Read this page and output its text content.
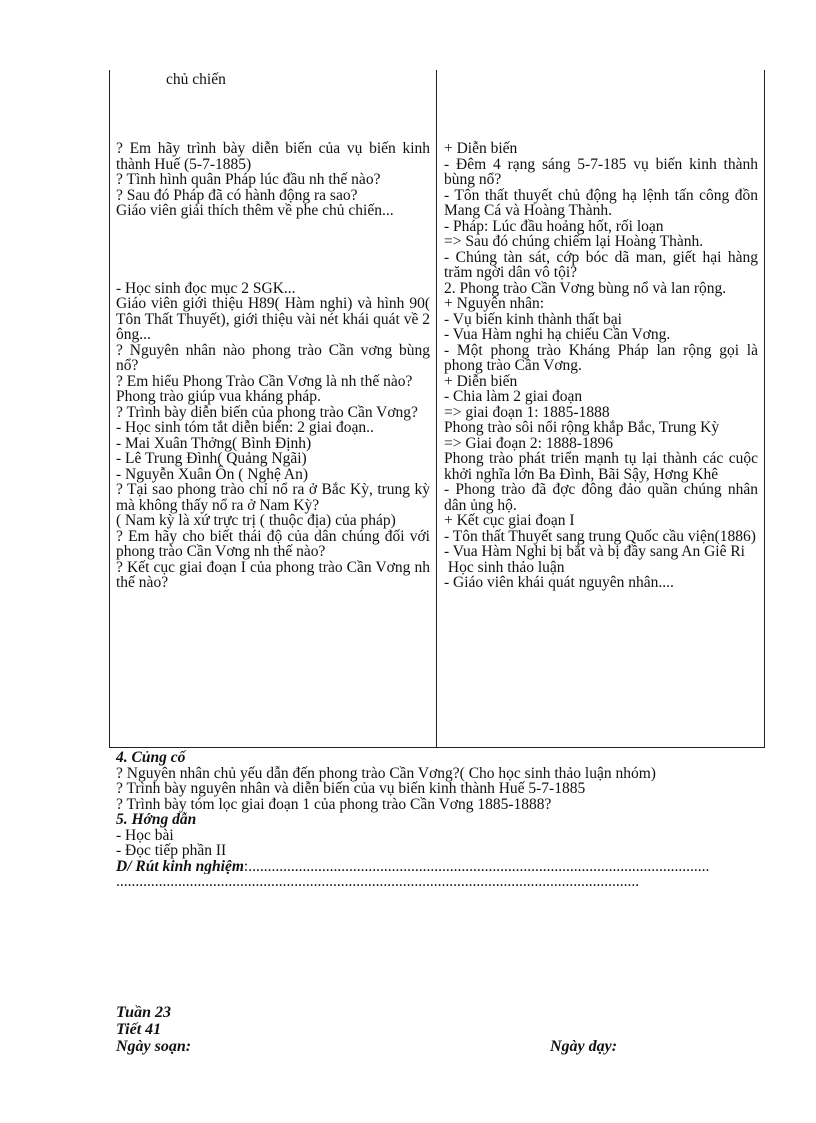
chủ chiến

? Em hãy trình bày diễn biến của vụ biến kinh thành Huế (5-7-1885)

? Tình hình quân Pháp lúc đầu nh thế nào?

? Sau đó Pháp đã có hành động ra sao?

Giáo viên giải thích thêm về phe chủ chiến...

- Học sinh đọc mục 2 SGK...

Giáo viên giới thiệu H89( Hàm nghi) và hình 90( Tôn Thất Thuyết), giới thiệu vài nét khái quát về 2 ông...

? Nguyên nhân nào phong trào Cần vơng bùng nổ?

? Em hiểu Phong Trào Cần Vơng là nh thế nào?

Phong trào giúp vua kháng pháp.

? Trình bày diễn biến của phong trào Cần Vơng?

- Học sinh tóm tắt diễn biến: 2 giai đoạn..

- Mai Xuân Thởng( Bình Định)

- Lê Trung Đình( Quảng Ngãi)

- Nguyễn Xuân Ôn ( Nghệ An)

? Tại sao phong trào chỉ nổ ra ở Bắc Kỳ, trung kỳ mà không thấy nổ ra ở Nam Kỳ?

( Nam kỳ là xứ trực trị ( thuộc địa) của pháp)

? Em hãy cho biết thái độ của dân chúng đối với phong trào Cần Vơng nh thế nào?

? Kết cục giai đoạn I của phong trào Cần Vơng nh thế nào?

+ Diễn biến

- Đêm 4 rạng sáng 5-7-185 vụ biến kinh thành bùng nổ?

- Tôn thất thuyết chủ động hạ lệnh tấn công đồn Mang Cá và Hoàng Thành.

- Pháp: Lúc đầu hoảng hốt, rối loạn

=> Sau đó chúng chiếm lại Hoàng Thành.

- Chúng tàn sát, cớp bóc dã man, giết hại hàng trăm ngời dân vô tội?

2. Phong trào Cần Vơng bùng nổ và lan rộng.

+ Nguyên nhân:

- Vụ biến kinh thành thất bại

- Vua Hàm nghi hạ chiếu Cần Vơng.

- Một phong trào Kháng Pháp lan rộng gọi là phong trào Cần Vơng.

+ Diễn biến

- Chia làm 2 giai đoạn

=> giai đoạn 1: 1885-1888

Phong trào sôi nổi rộng khắp Bắc, Trung Kỳ

=> Giai đoạn 2: 1888-1896

Phong trào phát triển mạnh tụ lại thành các cuộc khởi nghĩa lớn Ba Đình, Bãi Sậy, Hơng Khê

- Phong trào đã đợc đông đảo quần chúng nhân dân ủng hộ.

+ Kết cục giai đoạn I

- Tôn thất Thuyết sang trung Quốc cầu viện(1886)

- Vua Hàm Nghi bị bắt và bị đầy sang An Giê Ri

Học sinh thảo luận

- Giáo viên khái quát nguyên nhân....

4. Củng cố

? Nguyên nhân chủ yếu dẫn đến phong trào Cần Vơng?( Cho học sinh thảo luận nhóm)

? Trình bày nguyên nhân và diễn biến của vụ biến kinh thành Huế 5-7-1885

? Trình bày tóm lọc giai đoạn 1 của phong trào Cần Vơng 1885-1888?

5. Hớng dẫn

- Học bài

- Đọc tiếp phần II

D/ Rút kinh nghiệm:.......................................................................................................................

.......................................................................................................................................

Tuần 23
Tiết 41
Ngày soạn:	Ngày dạy:
